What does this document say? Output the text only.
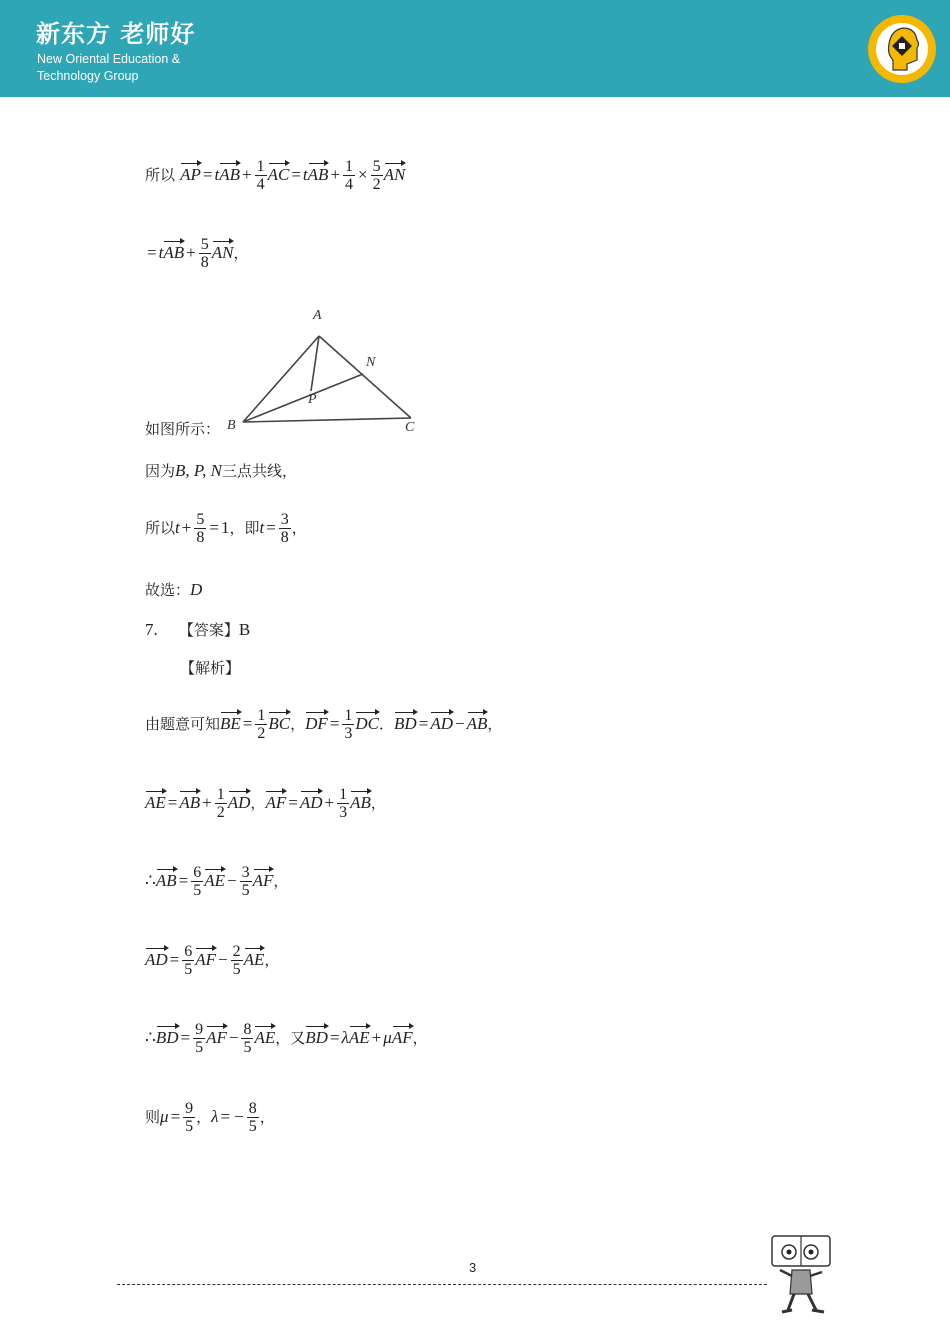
新东方 老师好
New Oriental Education &
Technology Group
所以 AP = tAB + $\frac{1}{4}$ AC = tAB + $\frac{1}{4} \times \frac{5}{2}$ AN
= tAB + $\frac{5}{8}$ AN，
A
B	C
N
P
如图所示：
因为B, P, N三点共线，
所以$t + \frac{5}{8} = 1$，即$t = \frac{3}{8}$ ，
故选：D
7. 【答案】B
【解析】
由题意可知BE = $\frac{1}{2}$ BC，DF = $\frac{1}{3}$ DC．BD = AD − AB，
AE = AB + $\frac{1}{2}$ AD，AF = AD + $\frac{1}{3}$ AB，
∴AB = $\frac{6}{5}$ AE − $\frac{3}{5}$ AF，
AD = $\frac{6}{5}$ AF − $\frac{2}{5}$ AE，
∴BD = $\frac{9}{5}$ AF − $\frac{8}{5}$ AE，又BD = λAE + μAF，
则$\mu = \frac{9}{5}$ ，λ = − $\frac{8}{5}$ ，
3
